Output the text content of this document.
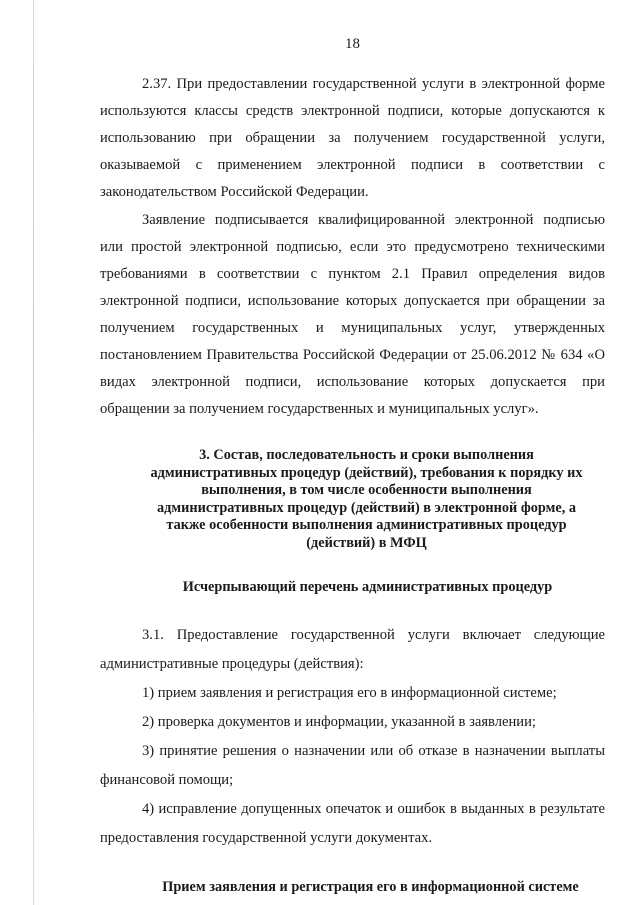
18

2.37. При предоставлении государственной услуги в электронной форме используются классы средств электронной подписи, которые допускаются к использованию при обращении за получением государственной услуги, оказываемой с применением электронной подписи в соответствии с законодательством Российской Федерации.

Заявление подписывается квалифицированной электронной подписью или простой электронной подписью, если это предусмотрено техническими требованиями в соответствии с пунктом 2.1 Правил определения видов электронной подписи, использование которых допускается при обращении за получением государственных и муниципальных услуг, утвержденных постановлением Правительства Российской Федерации от 25.06.2012 № 634 «О видах электронной подписи, использование которых допускается при обращении за получением государственных и муниципальных услуг».

3. Состав, последовательность и сроки выполнения административных процедур (действий), требования к порядку их выполнения, в том числе особенности выполнения административных процедур (действий) в электронной форме, а также особенности выполнения административных процедур (действий) в МФЦ
Исчерпывающий перечень административных процедур

3.1. Предоставление государственной услуги включает следующие административные процедуры (действия):

1) прием заявления и регистрация его в информационной системе;

2) проверка документов и информации, указанной в заявлении;

3) принятие решения о назначении или об отказе в назначении выплаты финансовой помощи;

4) исправление допущенных опечаток и ошибок в выданных в результате предоставления государственной услуги документах.

Прием заявления и регистрация его в информационной системе
